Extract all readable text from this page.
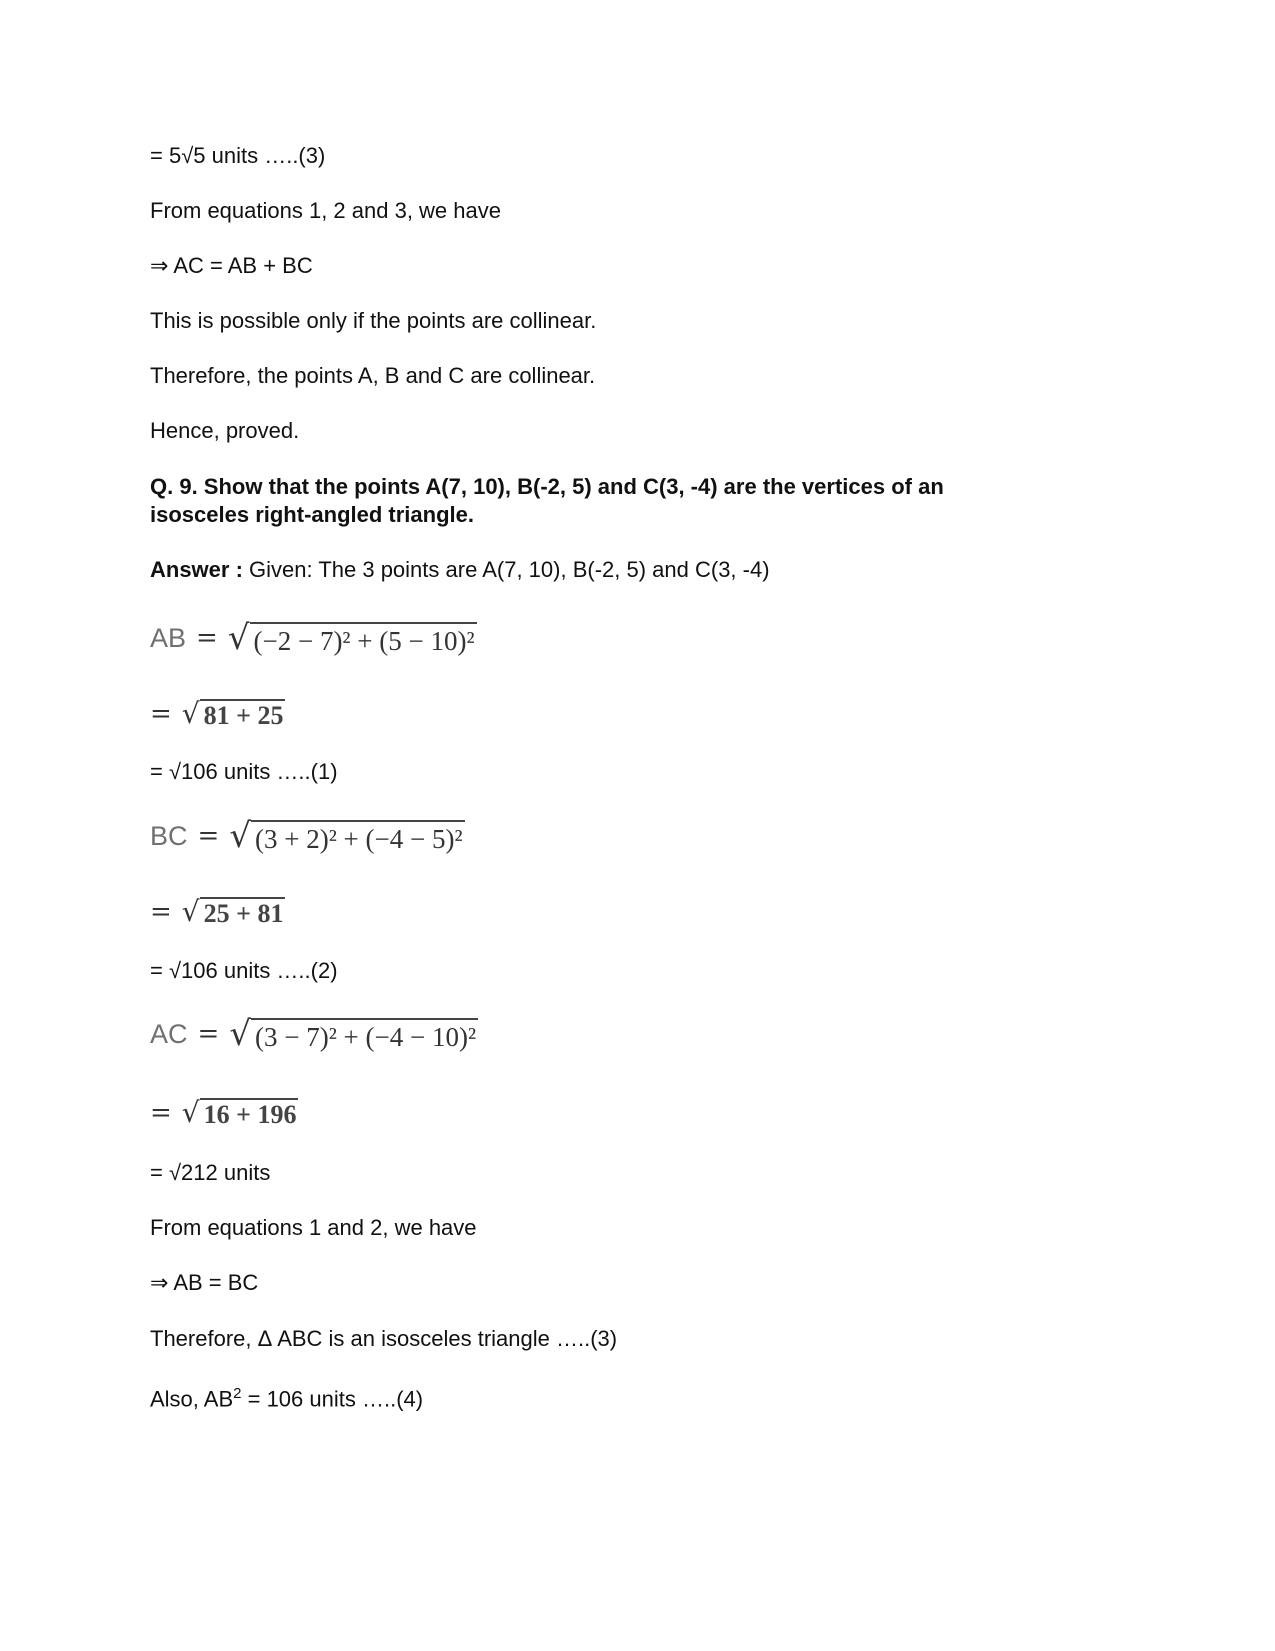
= 5√5 units …..(3)
From equations 1, 2 and 3, we have
⇒ AC = AB + BC
This is possible only if the points are collinear.
Therefore, the points A, B and C are collinear.
Hence, proved.
Q. 9. Show that the points A(7, 10), B(-2, 5) and C(3, -4) are the vertices of an
isosceles right-angled triangle.
Answer : Given: The 3 points are A(7, 10), B(-2, 5) and C(3, -4)
AB = √ (−2 − 7)² + (5 − 10)²
= √ 81 + 25
= √106 units …..(1)
BC = √ (3 + 2)² + (−4 − 5)²
= √ 25 + 81
= √106 units …..(2)
AC = √ (3 − 7)² + (−4 − 10)²
= √ 16 + 196
= √212 units
From equations 1 and 2, we have
⇒ AB = BC
Therefore, Δ ABC is an isosceles triangle …..(3)
Also, $AB^2 = 106$ units …..(4)
